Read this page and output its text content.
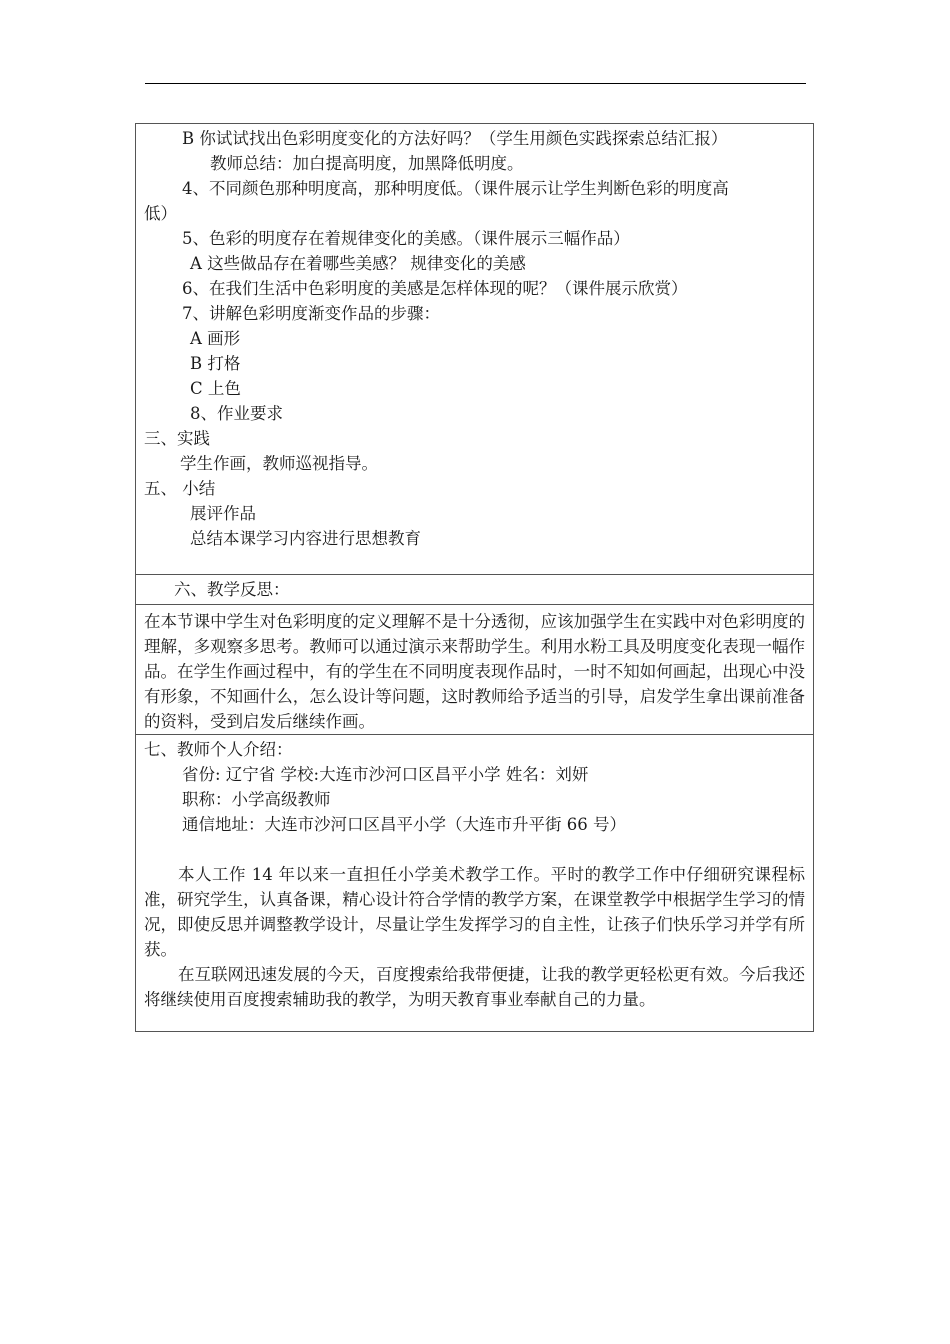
B 你试试找出色彩明度变化的方法好吗？（学生用颜色实践探索总结汇报）
教师总结：加白提高明度，加黑降低明度。
4、不同颜色那种明度高，那种明度低。（课件展示让学生判断色彩的明度高
低）
5、色彩的明度存在着规律变化的美感。（课件展示三幅作品）
A 这些做品存在着哪些美感？ 规律变化的美感
6、在我们生活中色彩明度的美感是怎样体现的呢？（课件展示欣赏）
7、讲解色彩明度渐变作品的步骤：
A 画形
B 打格
C 上色
8、作业要求
三、实践
学生作画，教师巡视指导。
五、 小结
展评作品
总结本课学习内容进行思想教育
六、教学反思：
在本节课中学生对色彩明度的定义理解不是十分透彻，应该加强学生在实践中对色彩明度的理解，多观察多思考。教师可以通过演示来帮助学生。利用水粉工具及明度变化表现一幅作品。在学生作画过程中，有的学生在不同明度表现作品时，一时不知如何画起，出现心中没有形象，不知画什么，怎么设计等问题，这时教师给予适当的引导，启发学生拿出课前准备的资料，受到启发后继续作画。
七、教师个人介绍：
省份: 辽宁省 学校:大连市沙河口区昌平小学 姓名：刘妍
职称：小学高级教师
通信地址：大连市沙河口区昌平小学（大连市升平街 66 号）
本人工作 14 年以来一直担任小学美术教学工作。平时的教学工作中仔细研究课程标准，研究学生，认真备课，精心设计符合学情的教学方案，在课堂教学中根据学生学习的情况，即使反思并调整教学设计，尽量让学生发挥学习的自主性，让孩子们快乐学习并学有所获。
在互联网迅速发展的今天，百度搜索给我带便捷，让我的教学更轻松更有效。今后我还将继续使用百度搜索辅助我的教学，为明天教育事业奉献自己的力量。
